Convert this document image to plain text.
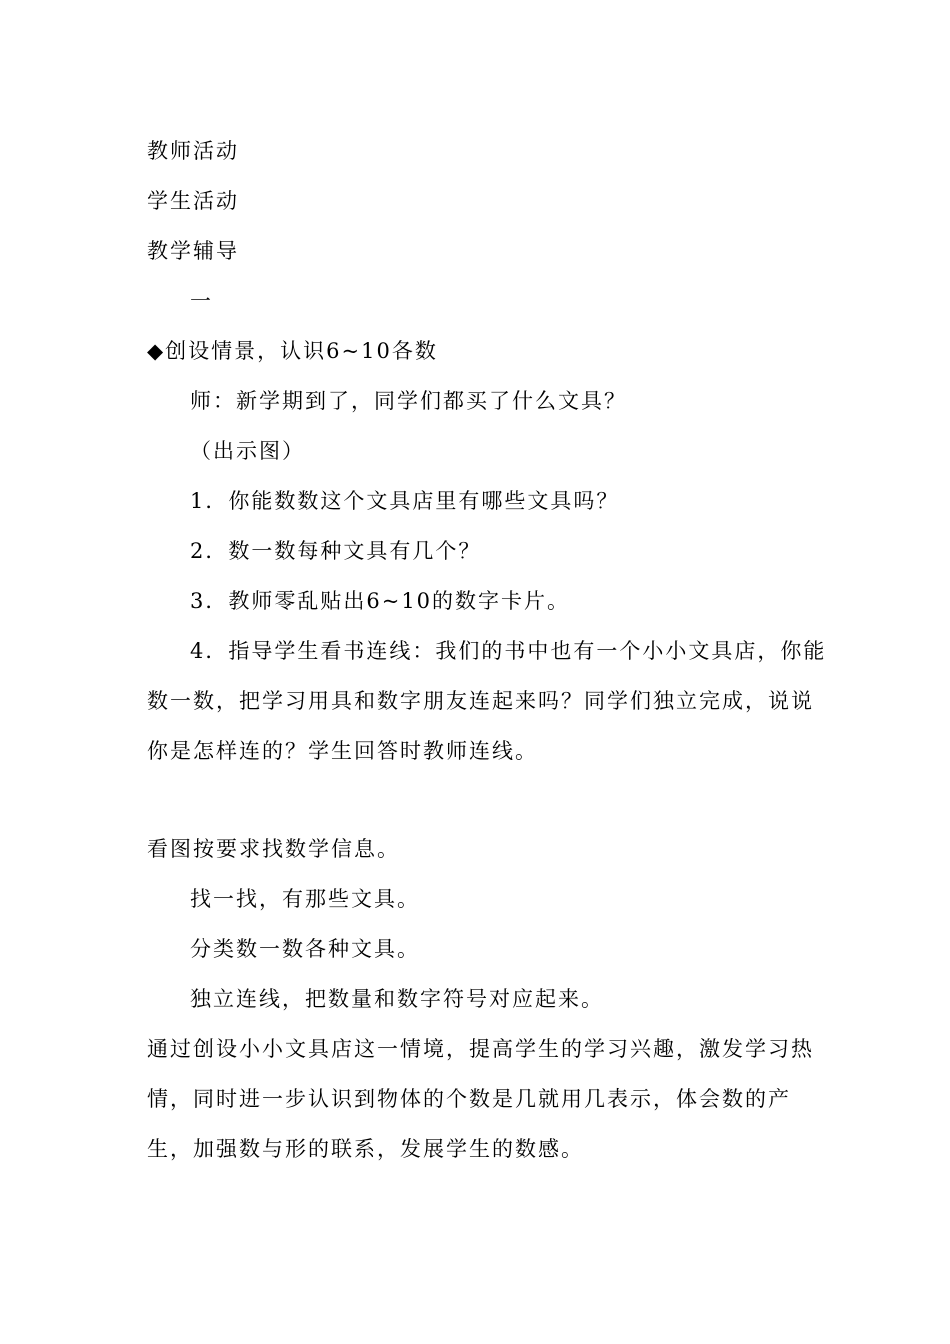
教师活动
学生活动
教学辅导
一
◆创设情景，认识6~10各数
师：新学期到了，同学们都买了什么文具？
（出示图）
1．你能数数这个文具店里有哪些文具吗？
2．数一数每种文具有几个？
3．教师零乱贴出6~10的数字卡片。
4．指导学生看书连线：我们的书中也有一个小小文具店，你能
数一数，把学习用具和数字朋友连起来吗？同学们独立完成，说说
你是怎样连的？学生回答时教师连线。
看图按要求找数学信息。
找一找，有那些文具。
分类数一数各种文具。
独立连线，把数量和数字符号对应起来。
通过创设小小文具店这一情境，提高学生的学习兴趣，激发学习热
情，同时进一步认识到物体的个数是几就用几表示，体会数的产
生，加强数与形的联系，发展学生的数感。
